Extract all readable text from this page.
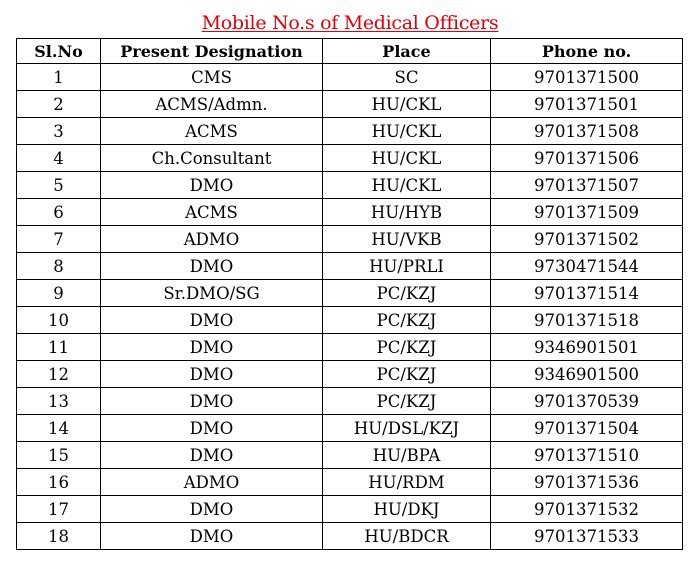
Mobile No.s of Medical Officers
Sl.No	Present Designation	Place	Phone no.
1	CMS	SC	9701371500
2	ACMS/Admn.	HU/CKL	9701371501
3	ACMS	HU/CKL	9701371508
4	Ch.Consultant	HU/CKL	9701371506
5	DMO	HU/CKL	9701371507
6	ACMS	HU/HYB	9701371509
7	ADMO	HU/VKB	9701371502
8	DMO	HU/PRLI	9730471544
9	Sr.DMO/SG	PC/KZJ	9701371514
10	DMO	PC/KZJ	9701371518
11	DMO	PC/KZJ	9346901501
12	DMO	PC/KZJ	9346901500
13	DMO	PC/KZJ	9701370539
14	DMO	HU/DSL/KZJ	9701371504
15	DMO	HU/BPA	9701371510
16	ADMO	HU/RDM	9701371536
17	DMO	HU/DKJ	9701371532
18	DMO	HU/BDCR	9701371533
